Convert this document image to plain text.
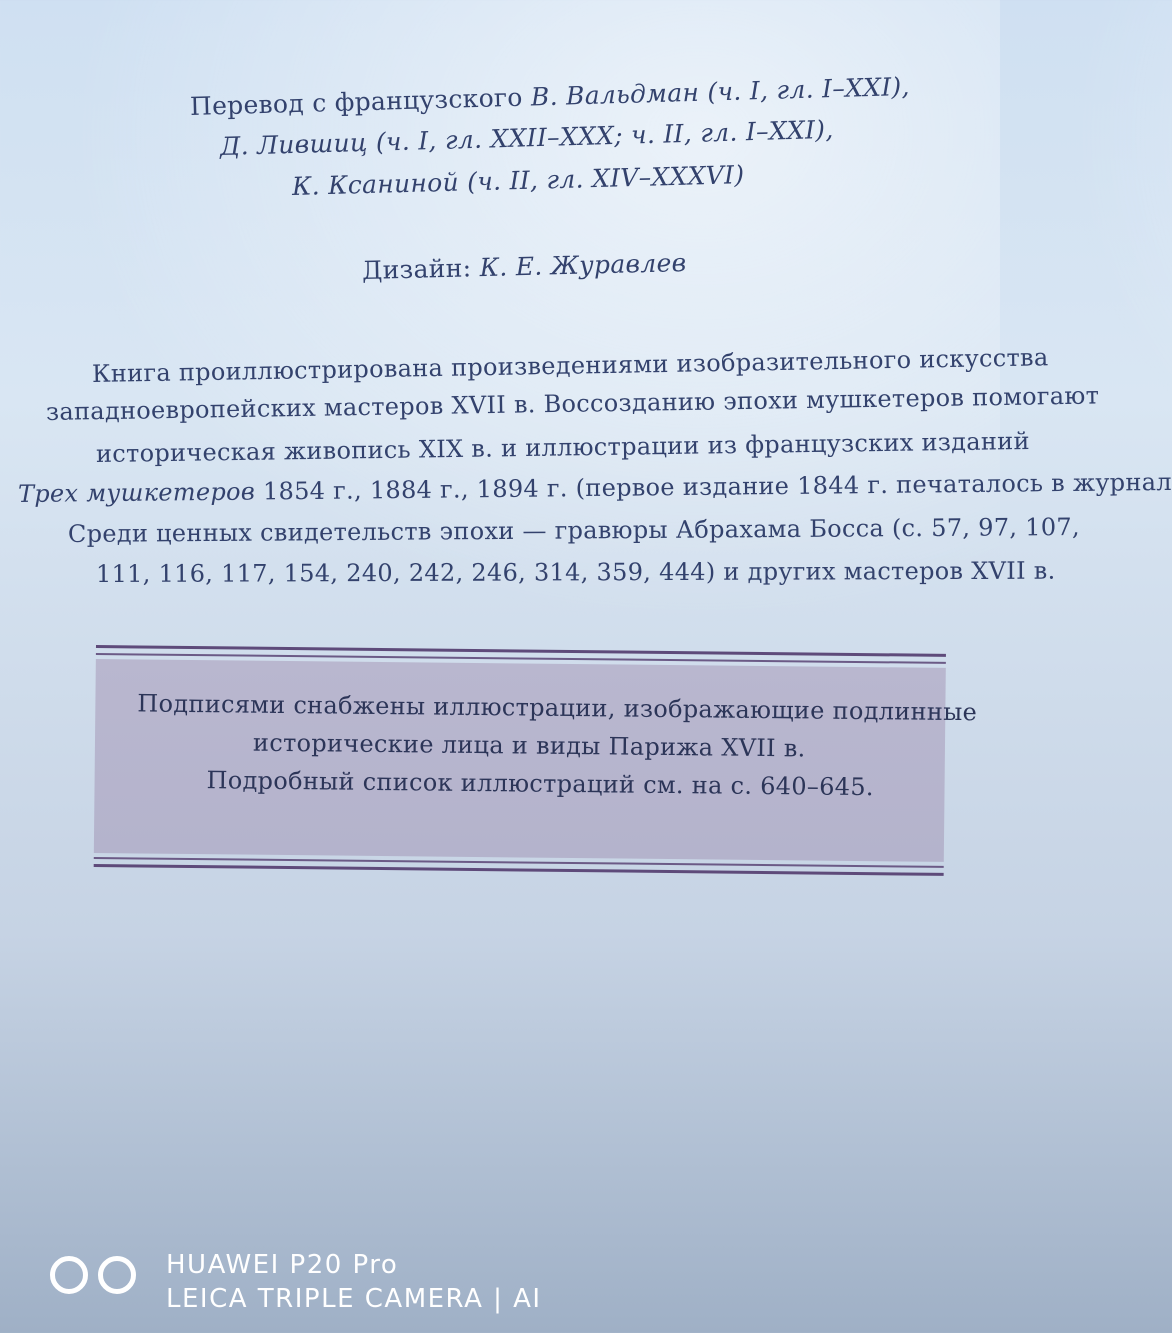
Перевод с французского В. Вальдман (ч. I, гл. I–XXI),
Д. Лившиц (ч. I, гл. XXII–XXX; ч. II, гл. I–XXI),
К. Ксаниной (ч. II, гл. XIV–XXXVI)
Дизайн: К. Е. Журавлев
Книга проиллюстрирована произведениями изобразительного искусства
западноевропейских мастеров XVII в. Воссозданию эпохи мушкетеров помогают
историческая живопись XIX в. и иллюстрации из французских изданий
Трех мушкетеров 1854 г., 1884 г., 1894 г. (первое издание 1844 г. печаталось в журнал
Среди ценных свидетельств эпохи — гравюры Абрахама Босса (с. 57, 97, 107,
111, 116, 117, 154, 240, 242, 246, 314, 359, 444) и других мастеров XVII в.
Подписями снабжены иллюстрации, изображающие подлинные
исторические лица и виды Парижа XVII в.
Подробный список иллюстраций см. на с. 640–645.
HUAWEI P20 Pro
LEICA TRIPLE CAMERA | AI
